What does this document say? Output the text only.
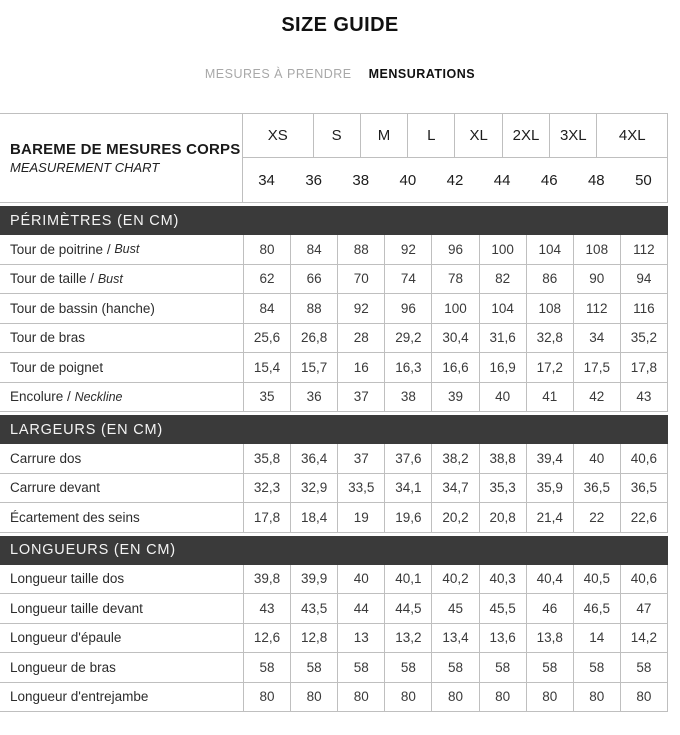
SIZE GUIDE
MESURES À PRENDRE MENSURATIONS
BAREME DE MESURES CORPS
MEASUREMENT CHART
XS	S	M	L	XL	2XL	3XL	4XL
34	36	38	40	42	44	46	48	50
PÉRIMÈTRES (EN CM)
Tour de poitrine / Bust	80	84	88	92	96	100	104	108	112
Tour de taille / Bust	62	66	70	74	78	82	86	90	94
Tour de bassin (hanche)	84	88	92	96	100	104	108	112	116
Tour de bras	25,6	26,8	28	29,2	30,4	31,6	32,8	34	35,2
Tour de poignet	15,4	15,7	16	16,3	16,6	16,9	17,2	17,5	17,8
Encolure / Neckline	35	36	37	38	39	40	41	42	43
LARGEURS (EN CM)
Carrure dos	35,8	36,4	37	37,6	38,2	38,8	39,4	40	40,6
Carrure devant	32,3	32,9	33,5	34,1	34,7	35,3	35,9	36,5	36,5
Écartement des seins	17,8	18,4	19	19,6	20,2	20,8	21,4	22	22,6
LONGUEURS (EN CM)
Longueur taille dos	39,8	39,9	40	40,1	40,2	40,3	40,4	40,5	40,6
Longueur taille devant	43	43,5	44	44,5	45	45,5	46	46,5	47
Longueur d'épaule	12,6	12,8	13	13,2	13,4	13,6	13,8	14	14,2
Longueur de bras	58	58	58	58	58	58	58	58	58
Longueur d'entrejambe	80	80	80	80	80	80	80	80	80
